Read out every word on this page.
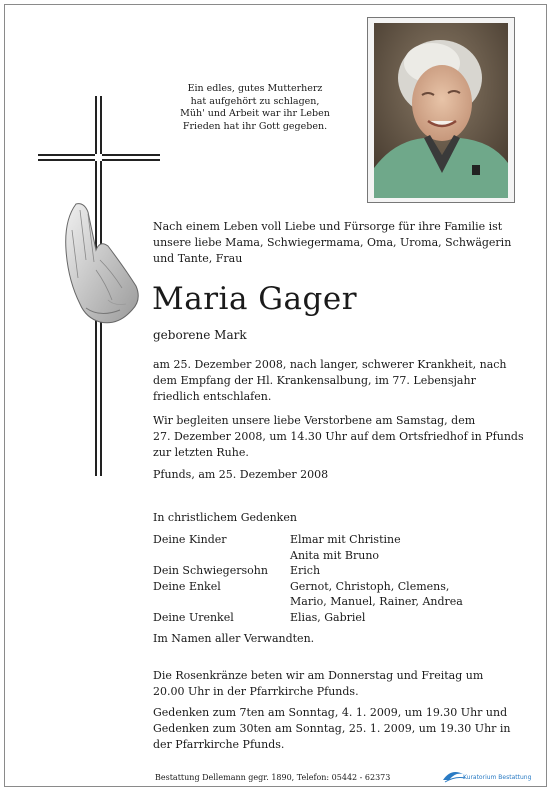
Ein edles, gutes Mutterherz
hat aufgehört zu schlagen,
Müh' und Arbeit war ihr Leben
Frieden hat ihr Gott gegeben.
Nach einem Leben voll Liebe und Fürsorge für ihre Familie ist
unsere liebe Mama, Schwiegermama, Oma, Uroma, Schwägerin
und Tante, Frau
Maria Gager
geborene Mark
am 25. Dezember 2008, nach langer, schwerer Krankheit, nach
dem Empfang der Hl. Krankensalbung, im 77. Lebensjahr
friedlich entschlafen.
Wir begleiten unsere liebe Verstorbene am Samstag, dem
27. Dezember 2008, um 14.30 Uhr auf dem Ortsfriedhof in Pfunds
zur letzten Ruhe.
Pfunds, am 25. Dezember 2008
In christlichem Gedenken
Deine Kinder	Elmar mit Christine
Anita mit Bruno
Dein Schwiegersohn	Erich
Deine Enkel	Gernot, Christoph, Clemens,
Mario, Manuel, Rainer, Andrea
Deine Urenkel	Elias, Gabriel
Im Namen aller Verwandten.
Die Rosenkränze beten wir am Donnerstag und Freitag um
20.00 Uhr in der Pfarrkirche Pfunds.
Gedenken zum 7ten am Sonntag, 4. 1. 2009, um 19.30 Uhr und
Gedenken zum 30ten am Sonntag, 25. 1. 2009, um 19.30 Uhr in
der Pfarrkirche Pfunds.
Bestattung Dellemann gegr. 1890, Telefon: 05442 - 62373	Kuratorium Bestattung
